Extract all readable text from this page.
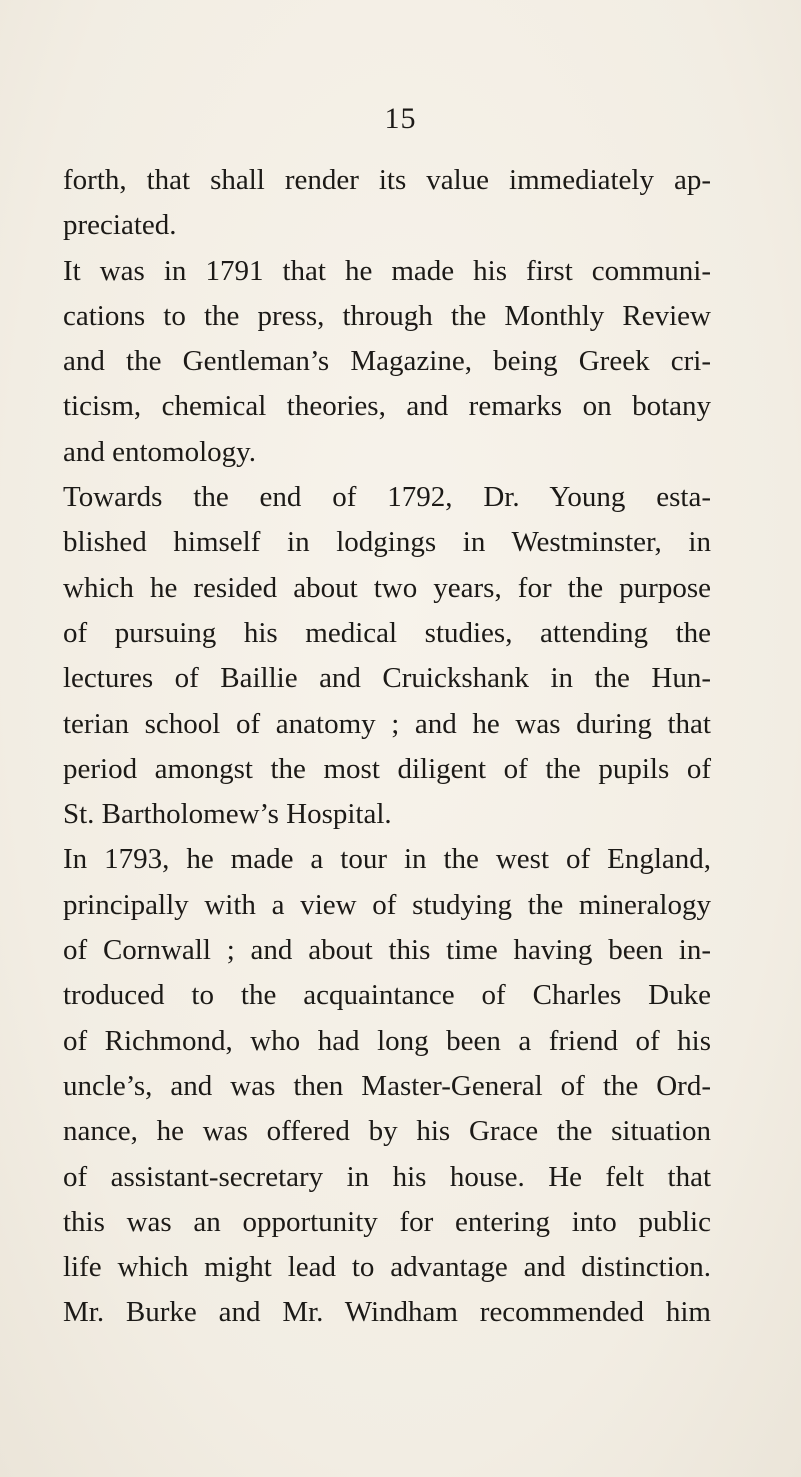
15
forth, that shall render its value immediately ap-
preciated.
It was in 1791 that he made his first communi-
cations to the press, through the Monthly Review
and the Gentleman’s Magazine, being Greek cri-
ticism, chemical theories, and remarks on botany
and entomology.
Towards the end of 1792, Dr. Young esta-
blished himself in lodgings in Westminster, in
which he resided about two years, for the purpose
of pursuing his medical studies, attending the
lectures of Baillie and Cruickshank in the Hun-
terian school of anatomy ; and he was during that
period amongst the most diligent of the pupils of
St. Bartholomew’s Hospital.
In 1793, he made a tour in the west of England,
principally with a view of studying the mineralogy
of Cornwall ; and about this time having been in-
troduced to the acquaintance of Charles Duke
of Richmond, who had long been a friend of his
uncle’s, and was then Master-General of the Ord-
nance, he was offered by his Grace the situation
of assistant-secretary in his house. He felt that
this was an opportunity for entering into public
life which might lead to advantage and distinction.
Mr. Burke and Mr. Windham recommended him
